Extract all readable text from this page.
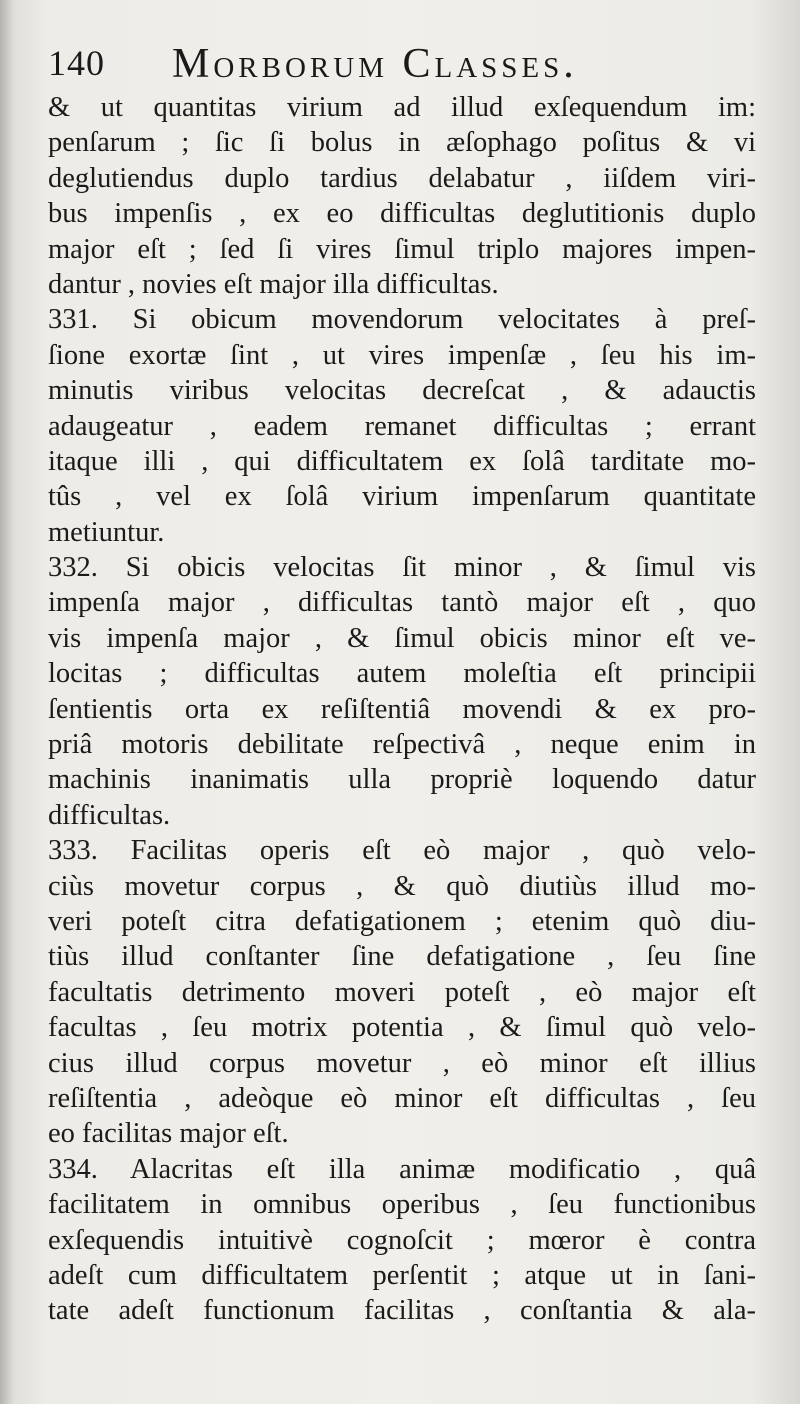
140 Morborum Classes.
& ut quantitas virium ad illud exſequendum im:
penſarum ; ſic ſi bolus in æſophago poſitus & vi
deglutiendus duplo tardius delabatur , iiſdem viri-
bus impenſis , ex eo difficultas deglutitionis duplo
major eſt ; ſed ſi vires ſimul triplo majores impen-
dantur , novies eſt major illa difficultas.
331. Si obicum movendorum velocitates à preſ-
ſione exortæ ſint , ut vires impenſæ , ſeu his im-
minutis viribus velocitas decreſcat , & adauctis
adaugeatur , eadem remanet difficultas ; errant
itaque illi , qui difficultatem ex ſolâ tarditate mo-
tûs , vel ex ſolâ virium impenſarum quantitate
metiuntur.
332. Si obicis velocitas ſit minor , & ſimul vis
impenſa major , difficultas tantò major eſt , quo
vis impenſa major , & ſimul obicis minor eſt ve-
locitas ; difficultas autem moleſtia eſt principii
ſentientis orta ex reſiſtentiâ movendi & ex pro-
priâ motoris debilitate reſpectivâ , neque enim in
machinis inanimatis ulla propriè loquendo datur
difficultas.
333. Facilitas operis eſt eò major , quò velo-
ciùs movetur corpus , & quò diutiùs illud mo-
veri poteſt citra defatigationem ; etenim quò diu-
tiùs illud conſtanter ſine defatigatione , ſeu ſine
facultatis detrimento moveri poteſt , eò major eſt
facultas , ſeu motrix potentia , & ſimul quò velo-
cius illud corpus movetur , eò minor eſt illius
reſiſtentia , adeòque eò minor eſt difficultas , ſeu
eo facilitas major eſt.
334. Alacritas eſt illa animæ modificatio , quâ
facilitatem in omnibus operibus , ſeu functionibus
exſequendis intuitivè cognoſcit ; mœror è contra
adeſt cum difficultatem perſentit ; atque ut in ſani-
tate adeſt functionum facilitas , conſtantia & ala-
